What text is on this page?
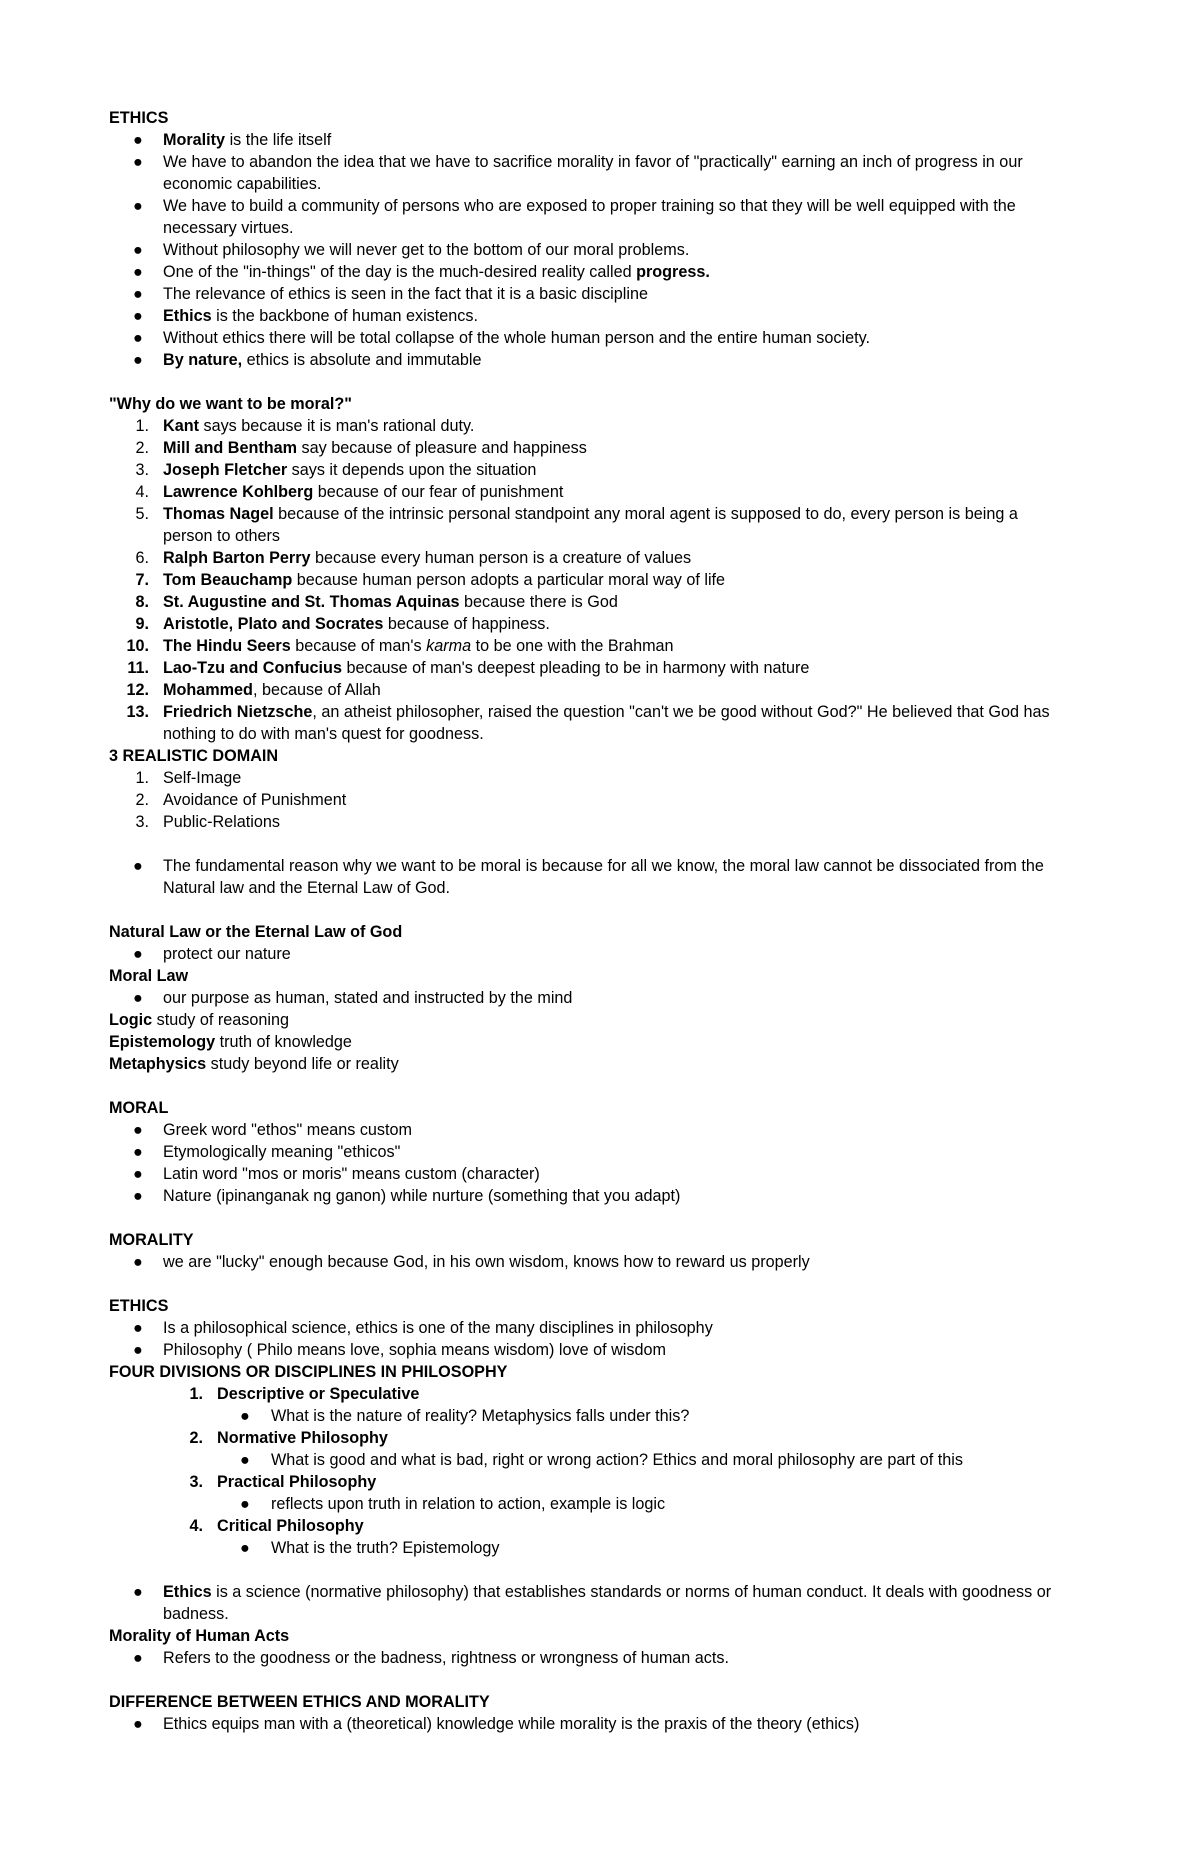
ETHICS
● Morality is the life itself
● We have to abandon the idea that we have to sacrifice morality in favor of "practically" earning an inch of progress in our
economic capabilities.
● We have to build a community of persons who are exposed to proper training so that they will be well equipped with the
necessary virtues.
● Without philosophy we will never get to the bottom of our moral problems.
● One of the "in-things" of the day is the much-desired reality called progress.
● The relevance of ethics is seen in the fact that it is a basic discipline
● Ethics is the backbone of human existencs.
● Without ethics there will be total collapse of the whole human person and the entire human society.
● By nature, ethics is absolute and immutable
"Why do we want to be moral?"
1. Kant says because it is man's rational duty.
2. Mill and Bentham say because of pleasure and happiness
3. Joseph Fletcher says it depends upon the situation
4. Lawrence Kohlberg because of our fear of punishment
5. Thomas Nagel because of the intrinsic personal standpoint any moral agent is supposed to do, every person is being a
person to others
6. Ralph Barton Perry because every human person is a creature of values
7. Tom Beauchamp because human person adopts a particular moral way of life
8. St. Augustine and St. Thomas Aquinas because there is God
9. Aristotle, Plato and Socrates because of happiness.
10. The Hindu Seers because of man's karma to be one with the Brahman
11. Lao-Tzu and Confucius because of man's deepest pleading to be in harmony with nature
12. Mohammed, because of Allah
13. Friedrich Nietzsche, an atheist philosopher, raised the question "can't we be good without God?" He believed that God has
nothing to do with man's quest for goodness.
3 REALISTIC DOMAIN
1. Self-Image
2. Avoidance of Punishment
3. Public-Relations
● The fundamental reason why we want to be moral is because for all we know, the moral law cannot be dissociated from the
Natural law and the Eternal Law of God.
Natural Law or the Eternal Law of God
● protect our nature
Moral Law
● our purpose as human, stated and instructed by the mind
Logic study of reasoning
Epistemology truth of knowledge
Metaphysics study beyond life or reality
MORAL
● Greek word "ethos" means custom
● Etymologically meaning "ethicos"
● Latin word "mos or moris" means custom (character)
● Nature (ipinanganak ng ganon) while nurture (something that you adapt)
MORALITY
● we are "lucky" enough because God, in his own wisdom, knows how to reward us properly
ETHICS
● Is a philosophical science, ethics is one of the many disciplines in philosophy
● Philosophy ( Philo means love, sophia means wisdom) love of wisdom
FOUR DIVISIONS OR DISCIPLINES IN PHILOSOPHY
1. Descriptive or Speculative
● What is the nature of reality? Metaphysics falls under this?
2. Normative Philosophy
● What is good and what is bad, right or wrong action? Ethics and moral philosophy are part of this
3. Practical Philosophy
● reflects upon truth in relation to action, example is logic
4. Critical Philosophy
● What is the truth? Epistemology
● Ethics is a science (normative philosophy) that establishes standards or norms of human conduct. It deals with goodness or
badness.
Morality of Human Acts
● Refers to the goodness or the badness, rightness or wrongness of human acts.
DIFFERENCE BETWEEN ETHICS AND MORALITY
● Ethics equips man with a (theoretical) knowledge while morality is the praxis of the theory (ethics)
